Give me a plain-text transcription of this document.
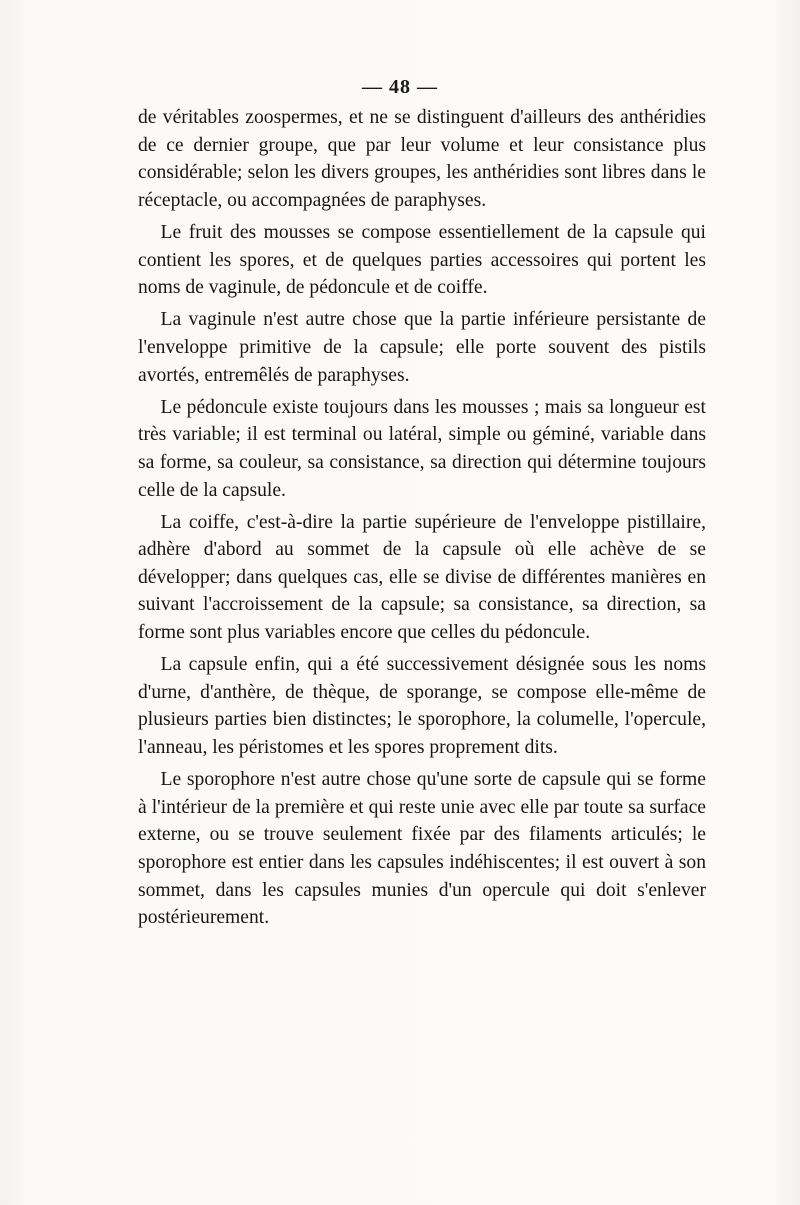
— 48 —

de véritables zoospermes, et ne se distinguent d'ailleurs des anthéridies de ce dernier groupe, que par leur volume et leur consistance plus considérable; selon les divers groupes, les anthéridies sont libres dans le réceptacle, ou accompagnées de paraphyses.

Le fruit des mousses se compose essentiellement de la capsule qui contient les spores, et de quelques parties accessoires qui portent les noms de vaginule, de pédoncule et de coiffe.

La vaginule n'est autre chose que la partie inférieure persistante de l'enveloppe primitive de la capsule; elle porte souvent des pistils avortés, entremêlés de paraphyses.

Le pédoncule existe toujours dans les mousses ; mais sa longueur est très variable; il est terminal ou latéral, simple ou géminé, variable dans sa forme, sa couleur, sa consistance, sa direction qui détermine toujours celle de la capsule.

La coiffe, c'est-à-dire la partie supérieure de l'enveloppe pistillaire, adhère d'abord au sommet de la capsule où elle achève de se développer; dans quelques cas, elle se divise de différentes manières en suivant l'accroissement de la capsule; sa consistance, sa direction, sa forme sont plus variables encore que celles du pédoncule.

La capsule enfin, qui a été successivement désignée sous les noms d'urne, d'anthère, de thèque, de sporange, se compose elle-même de plusieurs parties bien distinctes; le sporophore, la columelle, l'opercule, l'anneau, les péristomes et les spores proprement dits.

Le sporophore n'est autre chose qu'une sorte de capsule qui se forme à l'intérieur de la première et qui reste unie avec elle par toute sa surface externe, ou se trouve seulement fixée par des filaments articulés; le sporophore est entier dans les capsules indéhiscentes; il est ouvert à son sommet, dans les capsules munies d'un opercule qui doit s'enlever postérieurement.
